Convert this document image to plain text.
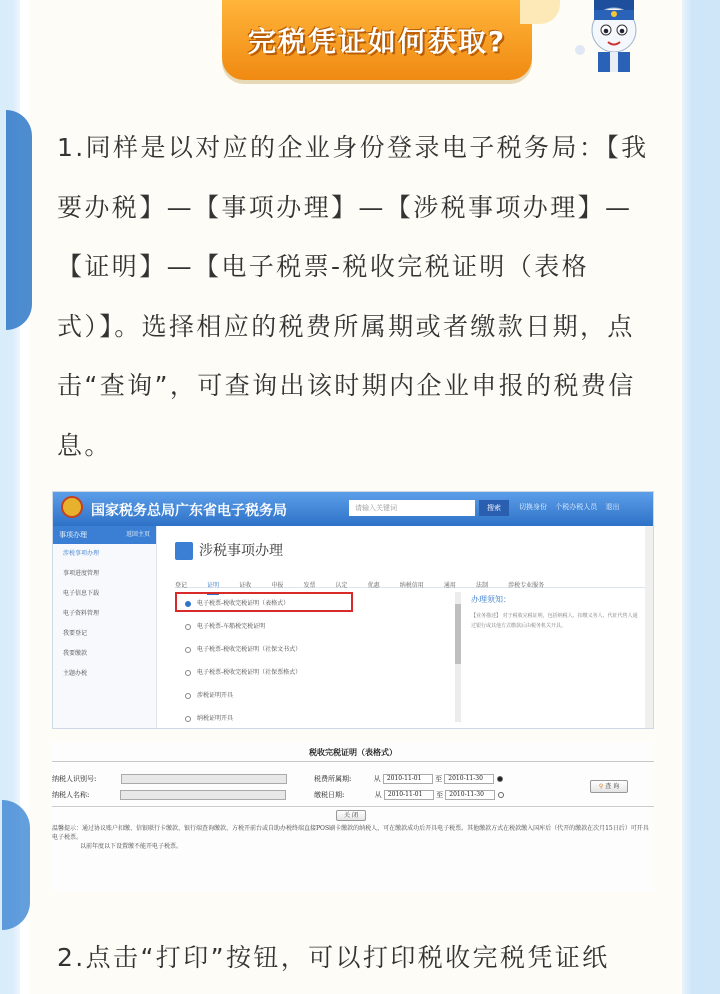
完税凭证如何获取?
1.同样是以对应的企业身份登录电子税务局：【我要办税】—【事项办理】—【涉税事项办理】—【证明】—【电子税票-税收完税证明（表格式）】。选择相应的税费所属期或者缴款日期，点击“查询”，可查询出该时期内企业申报的税费信息。
国家税务总局广东省电子税务局	请输入关键词	搜索	切换身份 个税办税人员 退出
事项办理	返回主页
涉税事项办理
事项进度管理
电子信息下载
电子资料管理
我要登记
我要缴款
主题办税
涉税事项办理
登记	证明	证收	申报	发票	认定	优惠	纳税信用	通用	法制	涉税专业服务
电子税票-税收完税证明（表格式）
电子税票-车船税完税证明
电子税票-税收完税证明（社保文书式）
电子税票-税收完税证明（社保票格式）
涉税证明开具
纳税证明开具
办理须知：
【业务描述】 对于税收完税证明，包括纳税人、扣缴义务人、代征代售人通过银行或其他方式缴款后由税务机关开具。
税收完税证明（表格式）
纳税人识别号:
纳税人名称:
税费所属期:	从 2010-11-01 至 2010-11-30
缴税日期:	从 2010-11-01 至 2010-11-30
⚲ 查 询
温馨提示：通过协议账户扣缴、信银联行卡缴款、银行端查询缴款、方税开前台或自助办税终端直接POS刷卡缴款的纳税人，可在缴款成功后开具电子税票。其他缴款方式在税款缴入国库后（代开的缴款在次月15日后）可开具电子税票。
以前年度以下设置缴不能开电子税票。
关 闭
2.点击“打印”按钮，可以打印税收完税凭证纸
